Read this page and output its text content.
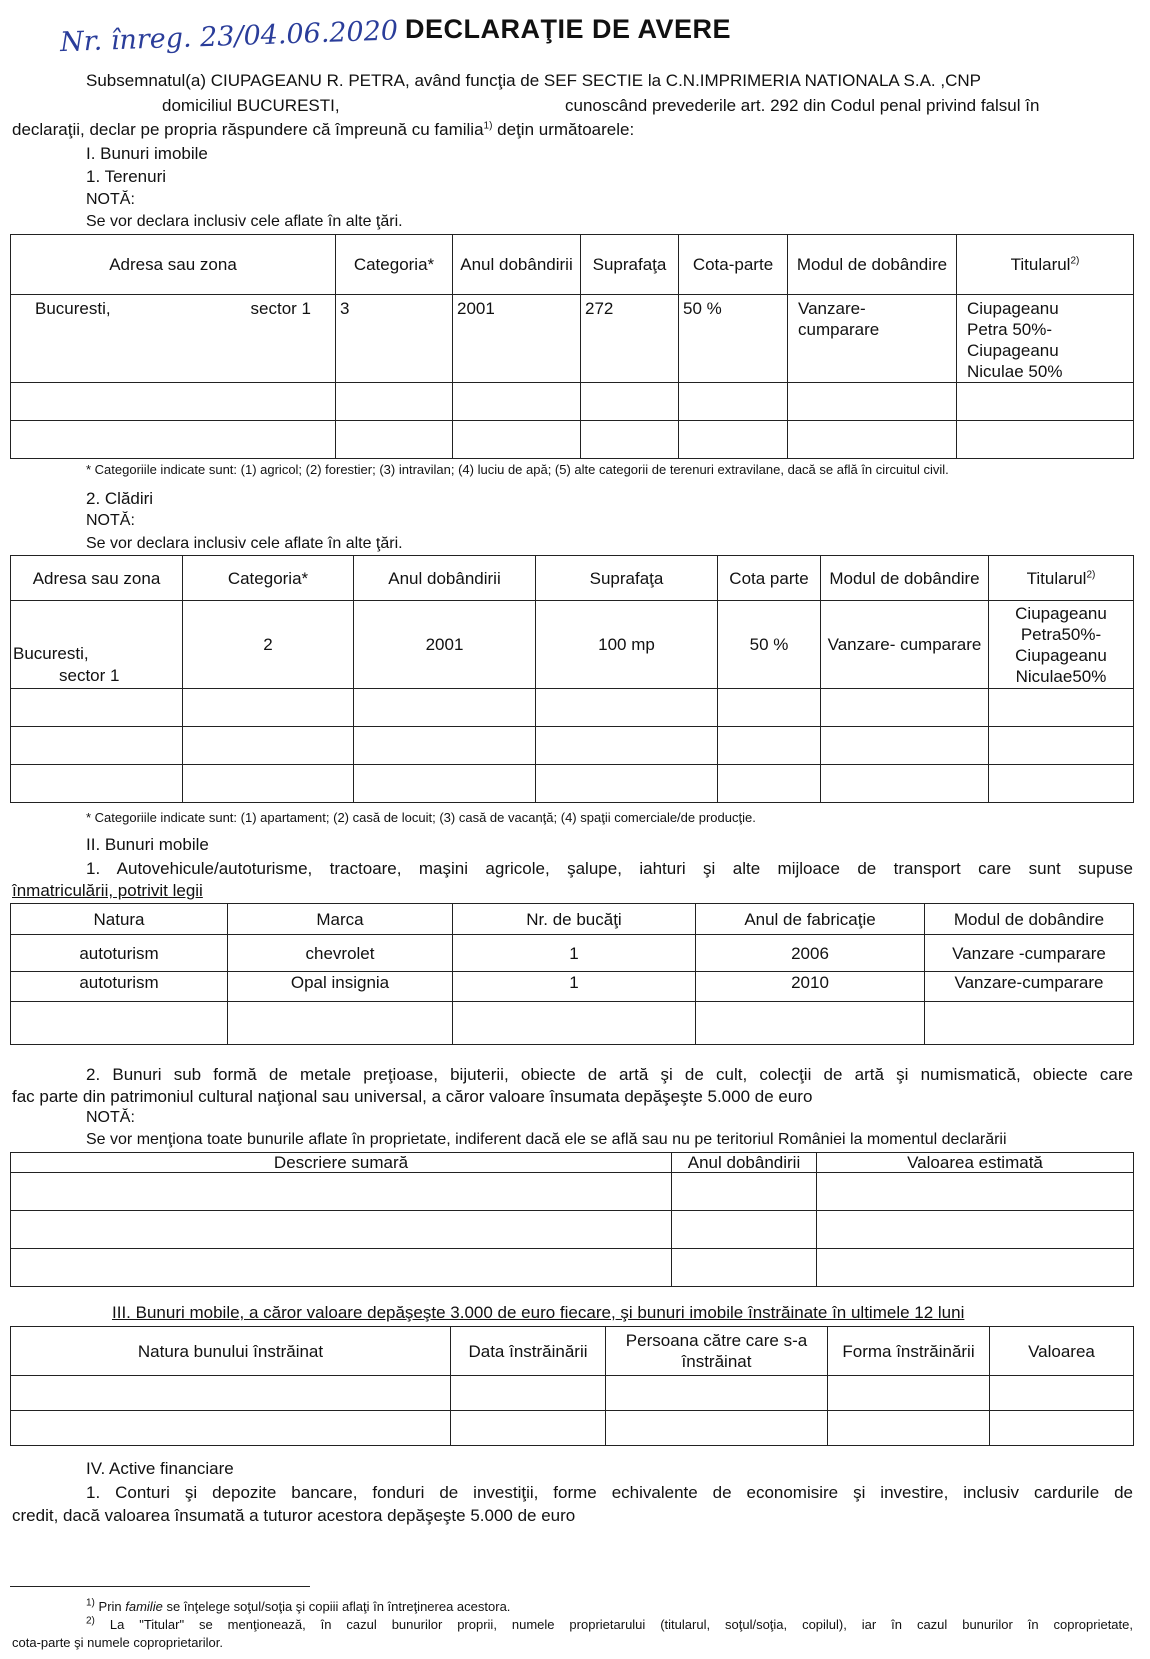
Nr. înreg. 23/04.06.2020 DECLARAŢIE DE AVERE
Subsemnatul(a) CIUPAGEANU R. PETRA, având funcţia de SEF SECTIE la C.N.IMPRIMERIA NATIONALA S.A. ,CNP
domiciliul BUCURESTI,	cunoscând prevederile art. 292 din Codul penal privind falsul în
declaraţii, declar pe propria răspundere că împreună cu familia$^{1)}$ deţin următoarele:
I. Bunuri imobile
1. Terenuri
NOTĂ:
Se vor declara inclusiv cele aflate în alte ţări.
Adresa sau zona	Categoria*	Anul dobândirii	Suprafaţa	Cota-parte	Modul de dobândire	Titularul$^{2)}$
Bucuresti, sector 1	3	2001	272	50 %	Vanzare-cumparare	Ciupageanu Petra 50%- Ciupageanu Niculae 50%

* Categoriile indicate sunt: (1) agricol; (2) forestier; (3) intravilan; (4) luciu de apă; (5) alte categorii de terenuri extravilane, dacă se află în circuitul civil.
2. Clădiri
NOTĂ:
Se vor declara inclusiv cele aflate în alte ţări.
Adresa sau zona	Categoria*	Anul dobândirii	Suprafaţa	Cota parte	Modul de dobândire	Titularul$^{2)}$

Bucuresti,
sector 1	2	2001	100 mp	50 %	Vanzare- cumparare	Ciupageanu Petra50%- Ciupageanu Niculae50%

* Categoriile indicate sunt: (1) apartament; (2) casă de locuit; (3) casă de vacanţă; (4) spaţii comerciale/de producţie.
II. Bunuri mobile
1. Autovehicule/autoturisme, tractoare, maşini agricole, şalupe, iahturi şi alte mijloace de transport care sunt supuse
înmatriculării, potrivit legii
Natura	Marca	Nr. de bucăţi	Anul de fabricaţie	Modul de dobândire
autoturism	chevrolet	1	2006	Vanzare -cumparare
autoturism	Opal insignia	1	2010	Vanzare-cumparare

2. Bunuri sub formă de metale preţioase, bijuterii, obiecte de artă şi de cult, colecţii de artă şi numismatică, obiecte care
fac parte din patrimoniul cultural naţional sau universal, a căror valoare însumata depăşeşte 5.000 de euro
NOTĂ:
Se vor menţiona toate bunurile aflate în proprietate, indiferent dacă ele se află sau nu pe teritoriul României la momentul declarării
Descriere sumară	Anul dobândirii	Valoarea estimată

III. Bunuri mobile, a căror valoare depăşeşte 3.000 de euro fiecare, şi bunuri imobile înstrăinate în ultimele 12 luni
Natura bunului înstrăinat	Data înstrăinării	Persoana către care s-a înstrăinat	Forma înstrăinării	Valoarea

IV. Active financiare
1. Conturi şi depozite bancare, fonduri de investiţii, forme echivalente de economisire şi investire, inclusiv cardurile de
credit, dacă valoarea însumată a tuturor acestora depăşeşte 5.000 de euro
$^{1)}$ Prin familie se înţelege soţul/soţia şi copiii aflaţi în întreţinerea acestora.
$^{2)}$ La "Titular" se menţionează, în cazul bunurilor proprii, numele proprietarului (titularul, soţul/soţia, copilul), iar în cazul bunurilor în coproprietate,
cota-parte şi numele coproprietarilor.
